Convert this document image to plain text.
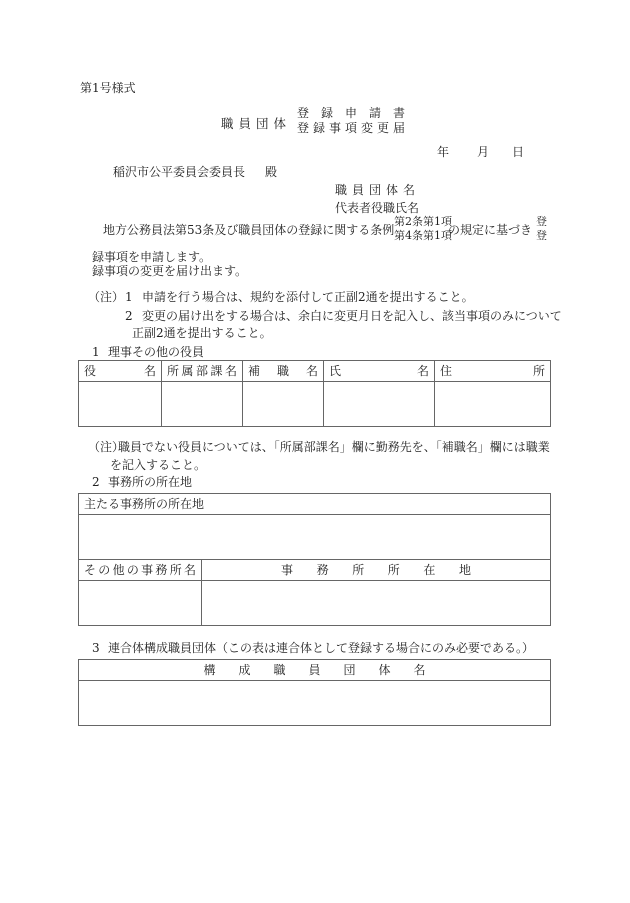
第1号様式
職員団体
登録申請書
登録事項変更届
年 月 日
稲沢市公平委員会委員長 殿
職員団体名
代表者役職氏名
地方公務員法第53条及び職員団体の登録に関する条例
第2条第1項
第4条第1項
の規定に基づき
登
登
録事項を申請します。
録事項の変更を届け出ます。
（注） 1 申請を行う場合は、規約を添付して正副2通を提出すること。
2 変更の届け出をする場合は、余白に変更月日を記入し、該当事項のみについて
正副2通を提出すること。
1 理事その他の役員
役名	所属部課名	補職名	氏名	住所

（注）
職員でない役員については、「所属部課名」欄に勤務先を、「補職名」欄には職業
を記入すること。
2 事務所の所在地
主たる事務所の所在地	

その他の事務所名	事務所所在地

3 連合体構成職員団体（この表は連合体として登録する場合にのみ必要である。）
構成職員団体名
